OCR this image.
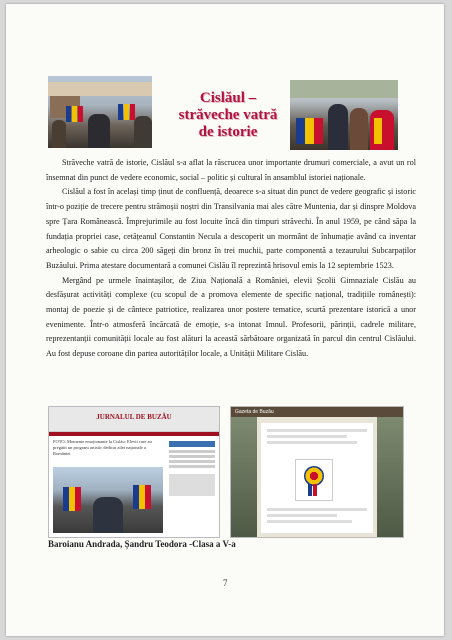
Cislăul –
străveche vatră
de istorie

Străveche vatră de istorie, Cislăul s-a aflat la răscrucea unor importante drumuri comerciale, a avut un rol însemnat din punct de vedere economic, social – politic și cultural în ansamblul istoriei naționale.

Cislăul a fost în același timp ținut de confluență, deoarece s-a situat din punct de vedere geografic și istoric într-o poziție de trecere pentru strămoșii noștri din Transilvania mai ales către Muntenia, dar și dinspre Moldova spre Țara Românească. Împrejurimile au fost locuite încă din timpuri străvechi. În anul 1959, pe când săpa la fundația propriei case, cetățeanul Constantin Necula a descoperit un mormânt de înhumație având ca inventar arheologic o sabie cu circa 200 săgeți din bronz în trei muchii, parte componentă a tezaurului Subcarpaților Buzăului. Prima atestare documentară a comunei Cislău îl reprezintă hrisovul emis la 12 septembrie 1523.

Mergând pe urmele înaintașilor, de Ziua Națională a României, elevii Școlii Gimnaziale Cislău au desfășurat activități complexe (cu scopul de a promova elemente de specific național, tradițiile românești): montaj de poezie și de cântece patriotice, realizarea unor postere tematice, scurtă prezentare istorică a unor evenimente. Într-o atmosferă încărcată de emoție, s-a intonat Imnul. Profesorii, părinții, cadrele militare, reprezentanții comunității locale au fost alături la această sărbătoare organizată în parcul din centrul Cislăului. Au fost depuse coroane din partea autorităților locale, a Unității Militare Cislău.

JURNALUL DE BUZĂU
FOTO: Momente emoționante la Cislău: Elevii care au pregătit un program artistic dedicat zilei naționale a României
Gazeta de Buzău
Baroianu Andrada, Șandru Teodora -Clasa a V-a
7
